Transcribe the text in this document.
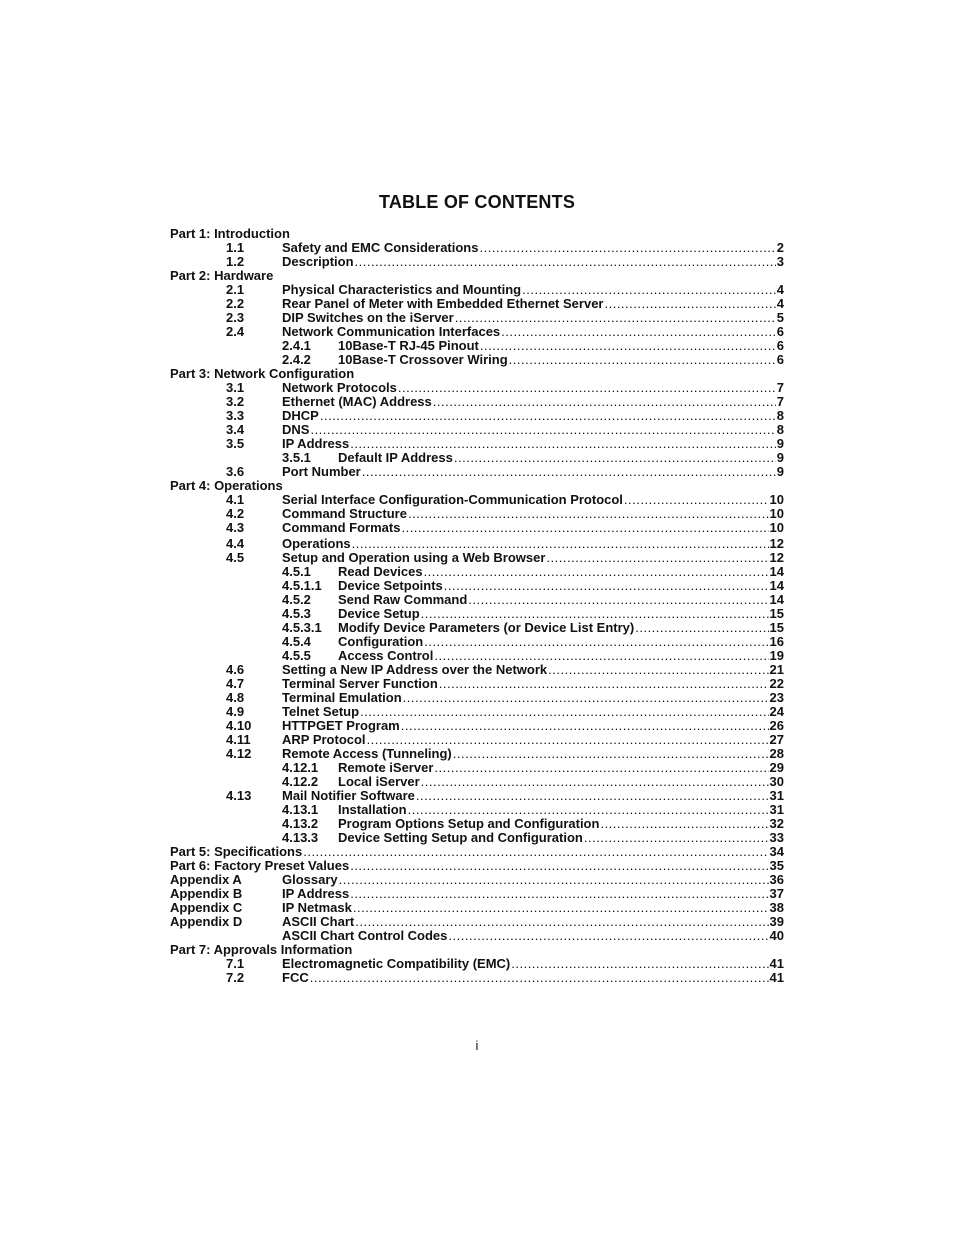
TABLE OF CONTENTS
Part 1: Introduction
1.1	Safety and EMC Considerations .....	2
1.2	Description .....	3
Part 2: Hardware
2.1	Physical Characteristics and Mounting .....	4
2.2	Rear Panel of Meter with Embedded Ethernet Server .....	4
2.3	DIP Switches on the iServer .....	5
2.4	Network Communication Interfaces .....	6
2.4.1 10Base-T RJ-45 Pinout .....	6
2.4.2 10Base-T Crossover Wiring .....	6
Part 3: Network Configuration
3.1	Network Protocols .....	7
3.2	Ethernet (MAC) Address .....	7
3.3	DHCP .....	8
3.4	DNS .....	8
3.5	IP Address .....	9
3.5.1 Default IP Address .....	9
3.6	Port Number .....	9
Part 4: Operations
4.1	Serial Interface Configuration-Communication Protocol .....	10
4.2	Command Structure .....	10
4.3	Command Formats .....	10
4.4	Operations .....	12
4.5	Setup and Operation using a Web Browser .....	12
4.5.1 Read Devices .....	14
4.5.1.1 Device Setpoints .....	14
4.5.2 Send Raw Command .....	14
4.5.3 Device Setup .....	15
4.5.3.1 Modify Device Parameters (or Device List Entry) .....	15
4.5.4 Configuration .....	16
4.5.5 Access Control .....	19
4.6	Setting a New IP Address over the Network .....	21
4.7	Terminal Server Function .....	22
4.8	Terminal Emulation .....	23
4.9	Telnet Setup .....	24
4.10 HTTPGET Program .....	26
4.11 ARP Protocol .....	27
4.12 Remote Access (Tunneling) .....	28
4.12.1 Remote iServer .....	29
4.12.2 Local iServer .....	30
4.13 Mail Notifier Software .....	31
4.13.1 Installation .....	31
4.13.2 Program Options Setup and Configuration .....	32
4.13.3 Device Setting Setup and Configuration .....	33
Part 5: Specifications .....	34
Part 6: Factory Preset Values .....	35
Appendix A	Glossary .....	36
Appendix B	IP Address .....	37
Appendix C	IP Netmask .....	38
Appendix D	ASCII Chart .....	39
ASCII Chart Control Codes .....	40
Part 7: Approvals Information
7.1	Electromagnetic Compatibility (EMC) .....	41
7.2	FCC .....	41
i
